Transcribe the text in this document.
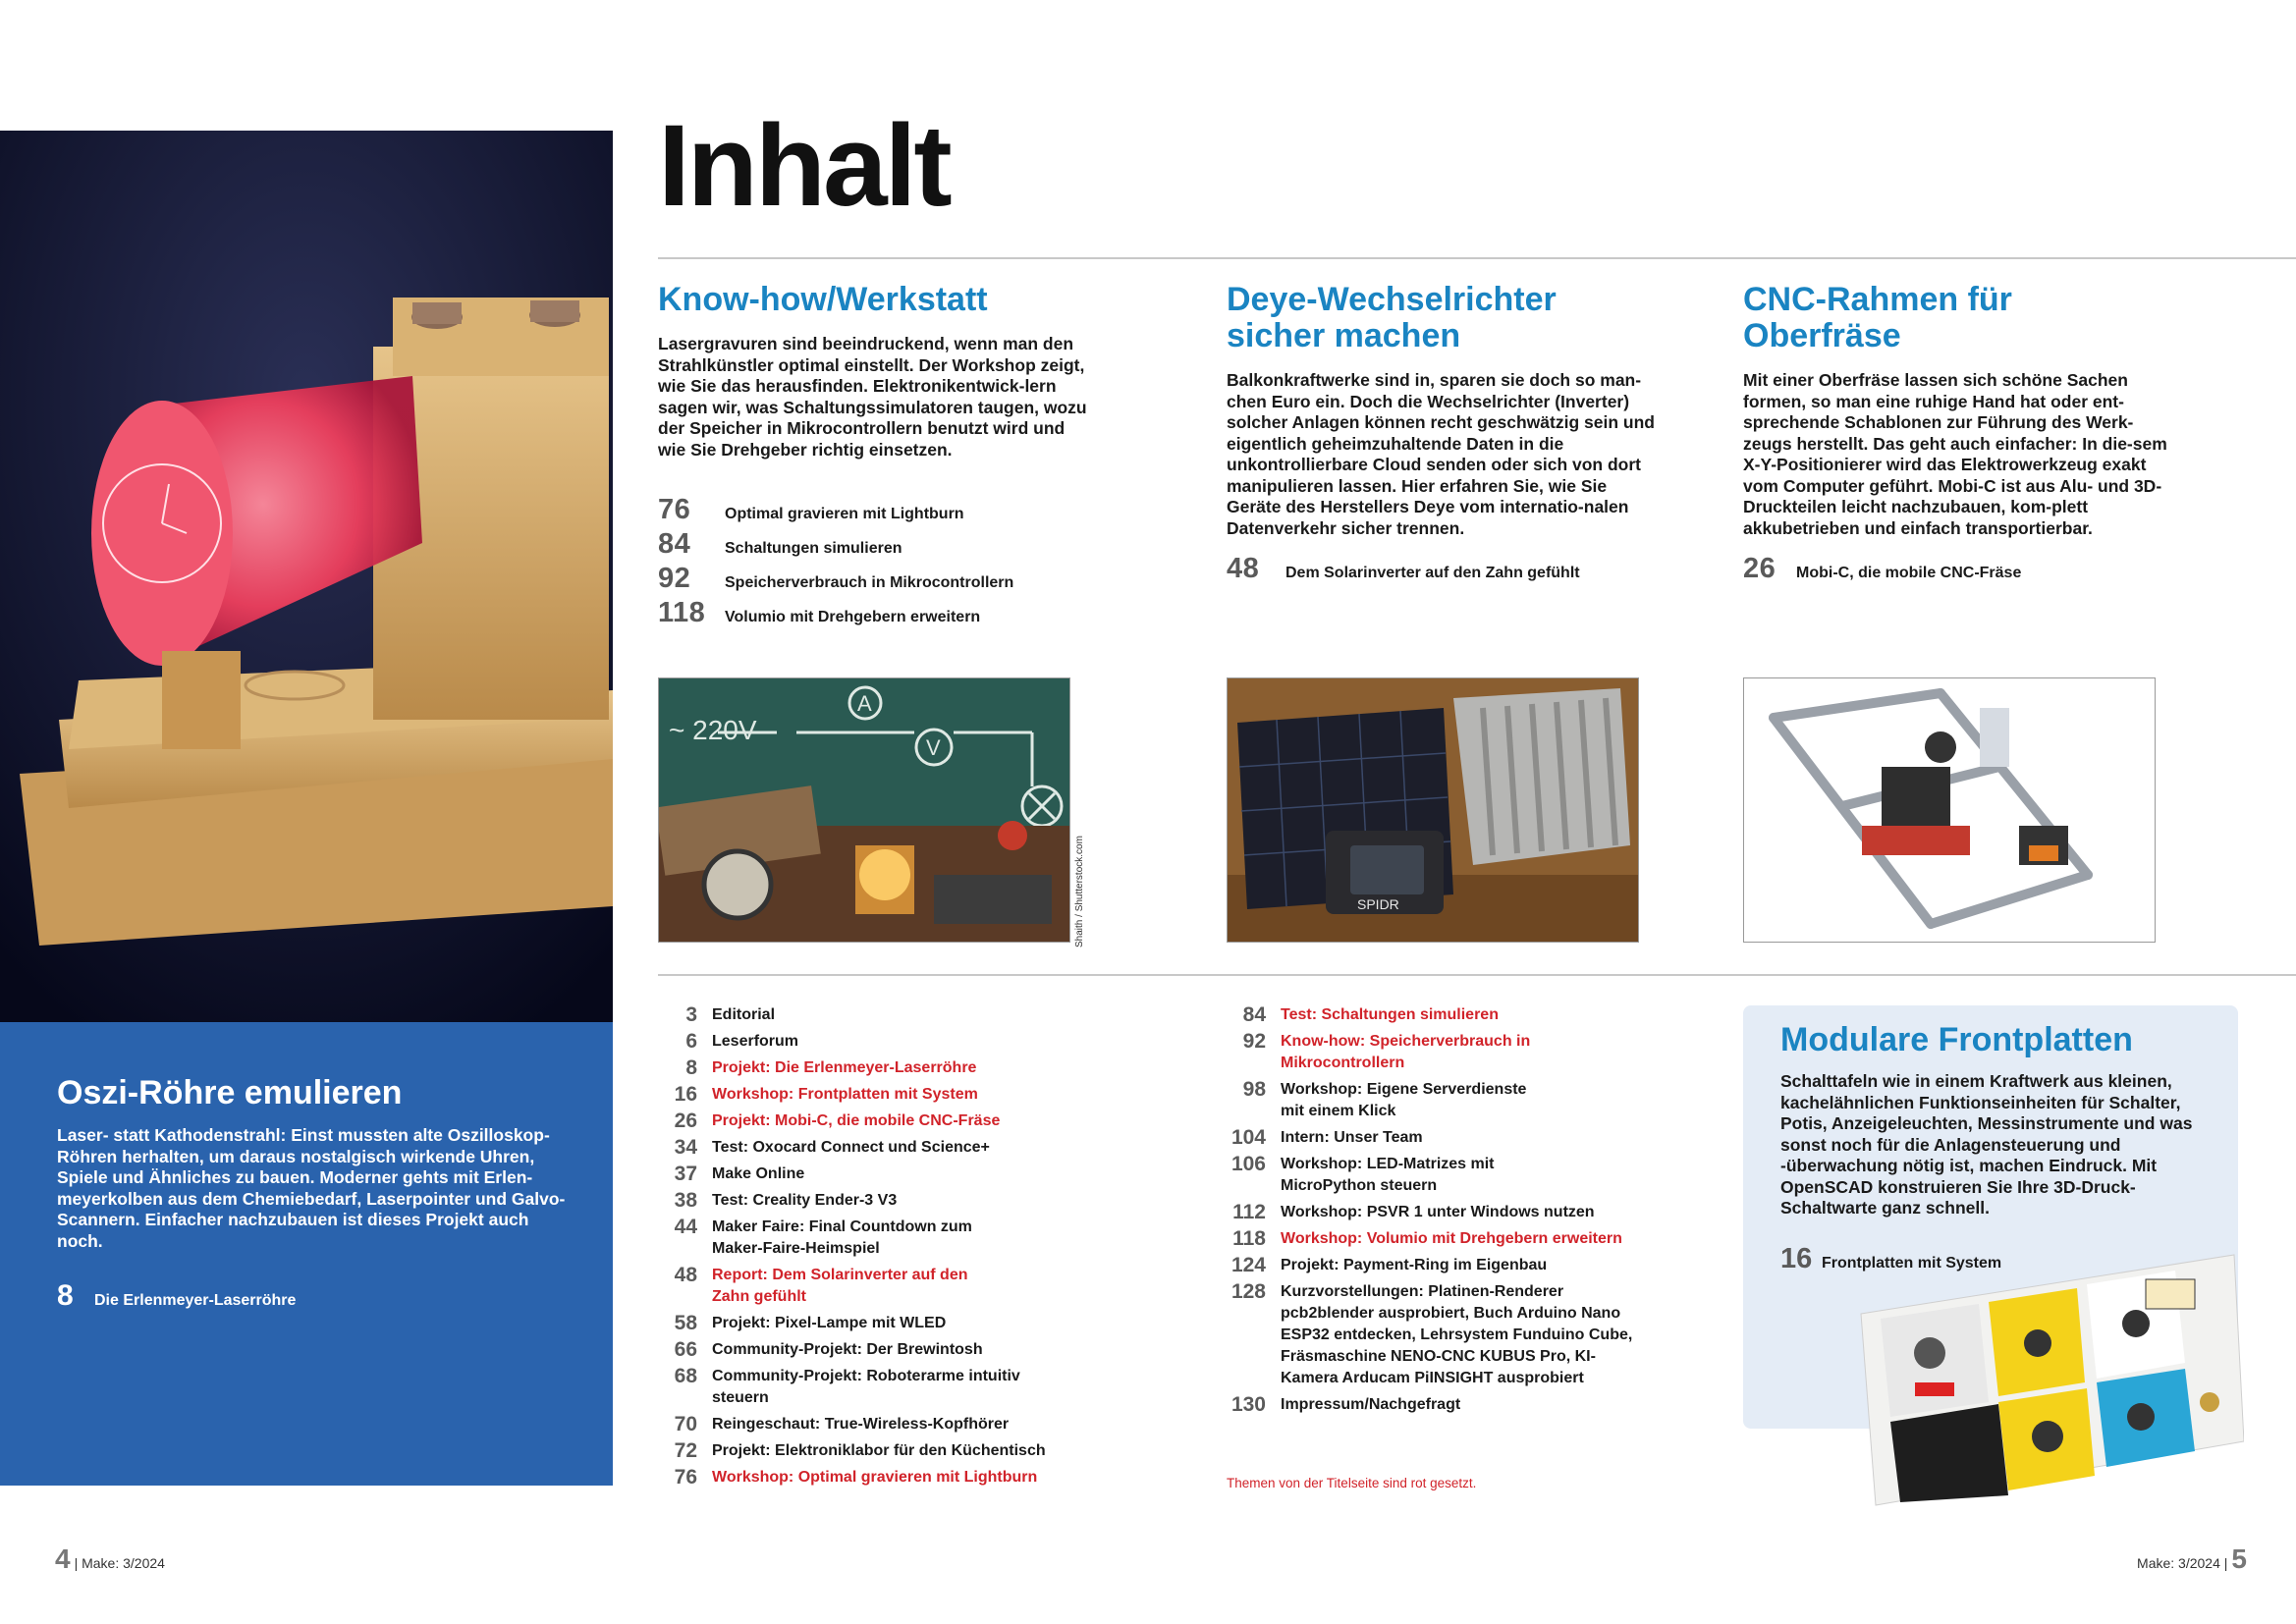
Oszi-Röhre emulieren

Laser- statt Kathodenstrahl: Einst mussten alte Oszilloskop-Röhren herhalten, um daraus nostalgisch wirkende Uhren, Spiele und Ähnliches zu bauen. Moderner gehts mit Erlen-meyerkolben aus dem Chemiebedarf, Laserpointer und Galvo-Scannern. Einfacher nachzubauen ist dieses Projekt auch noch.

8	Die Erlenmeyer-Laserröhre
Inhalt
Know-how/Werkstatt

Lasergravuren sind beeindruckend, wenn man den Strahlkünstler optimal einstellt. Der Workshop zeigt, wie Sie das herausfinden. Elektronikentwick-lern sagen wir, was Schaltungssimulatoren taugen, wozu der Speicher in Mikrocontrollern benutzt wird und wie Sie Drehgeber richtig einsetzen.

76	Optimal gravieren mit Lightburn
84	Schaltungen simulieren
92	Speicherverbrauch in Mikrocontrollern
118	Volumio mit Drehgebern erweitern
Deye-Wechselrichter sicher machen

Balkonkraftwerke sind in, sparen sie doch so man-chen Euro ein. Doch die Wechselrichter (Inverter) solcher Anlagen können recht geschwätzig sein und eigentlich geheimzuhaltende Daten in die unkontrollierbare Cloud senden oder sich von dort manipulieren lassen. Hier erfahren Sie, wie Sie Geräte des Herstellers Deye vom internatio-nalen Datenverkehr sicher trennen.

48	Dem Solarinverter auf den Zahn gefühlt
CNC-Rahmen für Oberfräse

Mit einer Oberfräse lassen sich schöne Sachen formen, so man eine ruhige Hand hat oder ent-sprechende Schablonen zur Führung des Werk-zeugs herstellt. Das geht auch einfacher: In die-sem X-Y-Positionierer wird das Elektrowerkzeug exakt vom Computer geführt. Mobi-C ist aus Alu- und 3D-Druckteilen leicht nachzubauen, kom-plett akkubetrieben und einfach transportierbar.

26	Mobi-C, die mobile CNC-Fräse
~ 220V
A
V
Shaith / Shutterstock.com	SPIDR
3 Editorial
6 Leserforum
8 Projekt: Die Erlenmeyer-Laserröhre
16 Workshop: Frontplatten mit System
26 Projekt: Mobi-C, die mobile CNC-Fräse
34 Test: Oxocard Connect und Science+
37 Make Online
38 Test: Creality Ender-3 V3
44 Maker Faire: Final Countdown zum Maker-Faire-Heimspiel
48 Report: Dem Solarinverter auf den Zahn gefühlt
58 Projekt: Pixel-Lampe mit WLED
66 Community-Projekt: Der Brewintosh
68 Community-Projekt: Roboterarme intuitiv steuern
70 Reingeschaut: True-Wireless-Kopfhörer
72 Projekt: Elektroniklabor für den Küchentisch
76 Workshop: Optimal gravieren mit Lightburn
84 Test: Schaltungen simulieren
92 Know-how: Speicherverbrauch in Mikrocontrollern
98 Workshop: Eigene Serverdienste mit einem Klick
104 Intern: Unser Team
106 Workshop: LED-Matrizes mit MicroPython steuern
112 Workshop: PSVR 1 unter Windows nutzen
118 Workshop: Volumio mit Drehgebern erweitern
124 Projekt: Payment-Ring im Eigenbau
128 Kurzvorstellungen: Platinen-Renderer pcb2blender ausprobiert, Buch Arduino Nano ESP32 entdecken, Lehrsystem Funduino Cube, Fräsmaschine NENO-CNC KUBUS Pro, KI-Kamera Arducam PiINSIGHT ausprobiert
130 Impressum/Nachgefragt
Themen von der Titelseite sind rot gesetzt.
Modulare Frontplatten

Schalttafeln wie in einem Kraftwerk aus kleinen, kachelähnlichen Funktionseinheiten für Schalter, Potis, Anzeigeleuchten, Messinstrumente und was sonst noch für die Anlagensteuerung und -überwachung nötig ist, machen Eindruck. Mit OpenSCAD konstruieren Sie Ihre 3D-Druck-Schaltwarte ganz schnell.

16 Frontplatten mit System
4 | Make: 3/2024	Make: 3/2024 | 5
